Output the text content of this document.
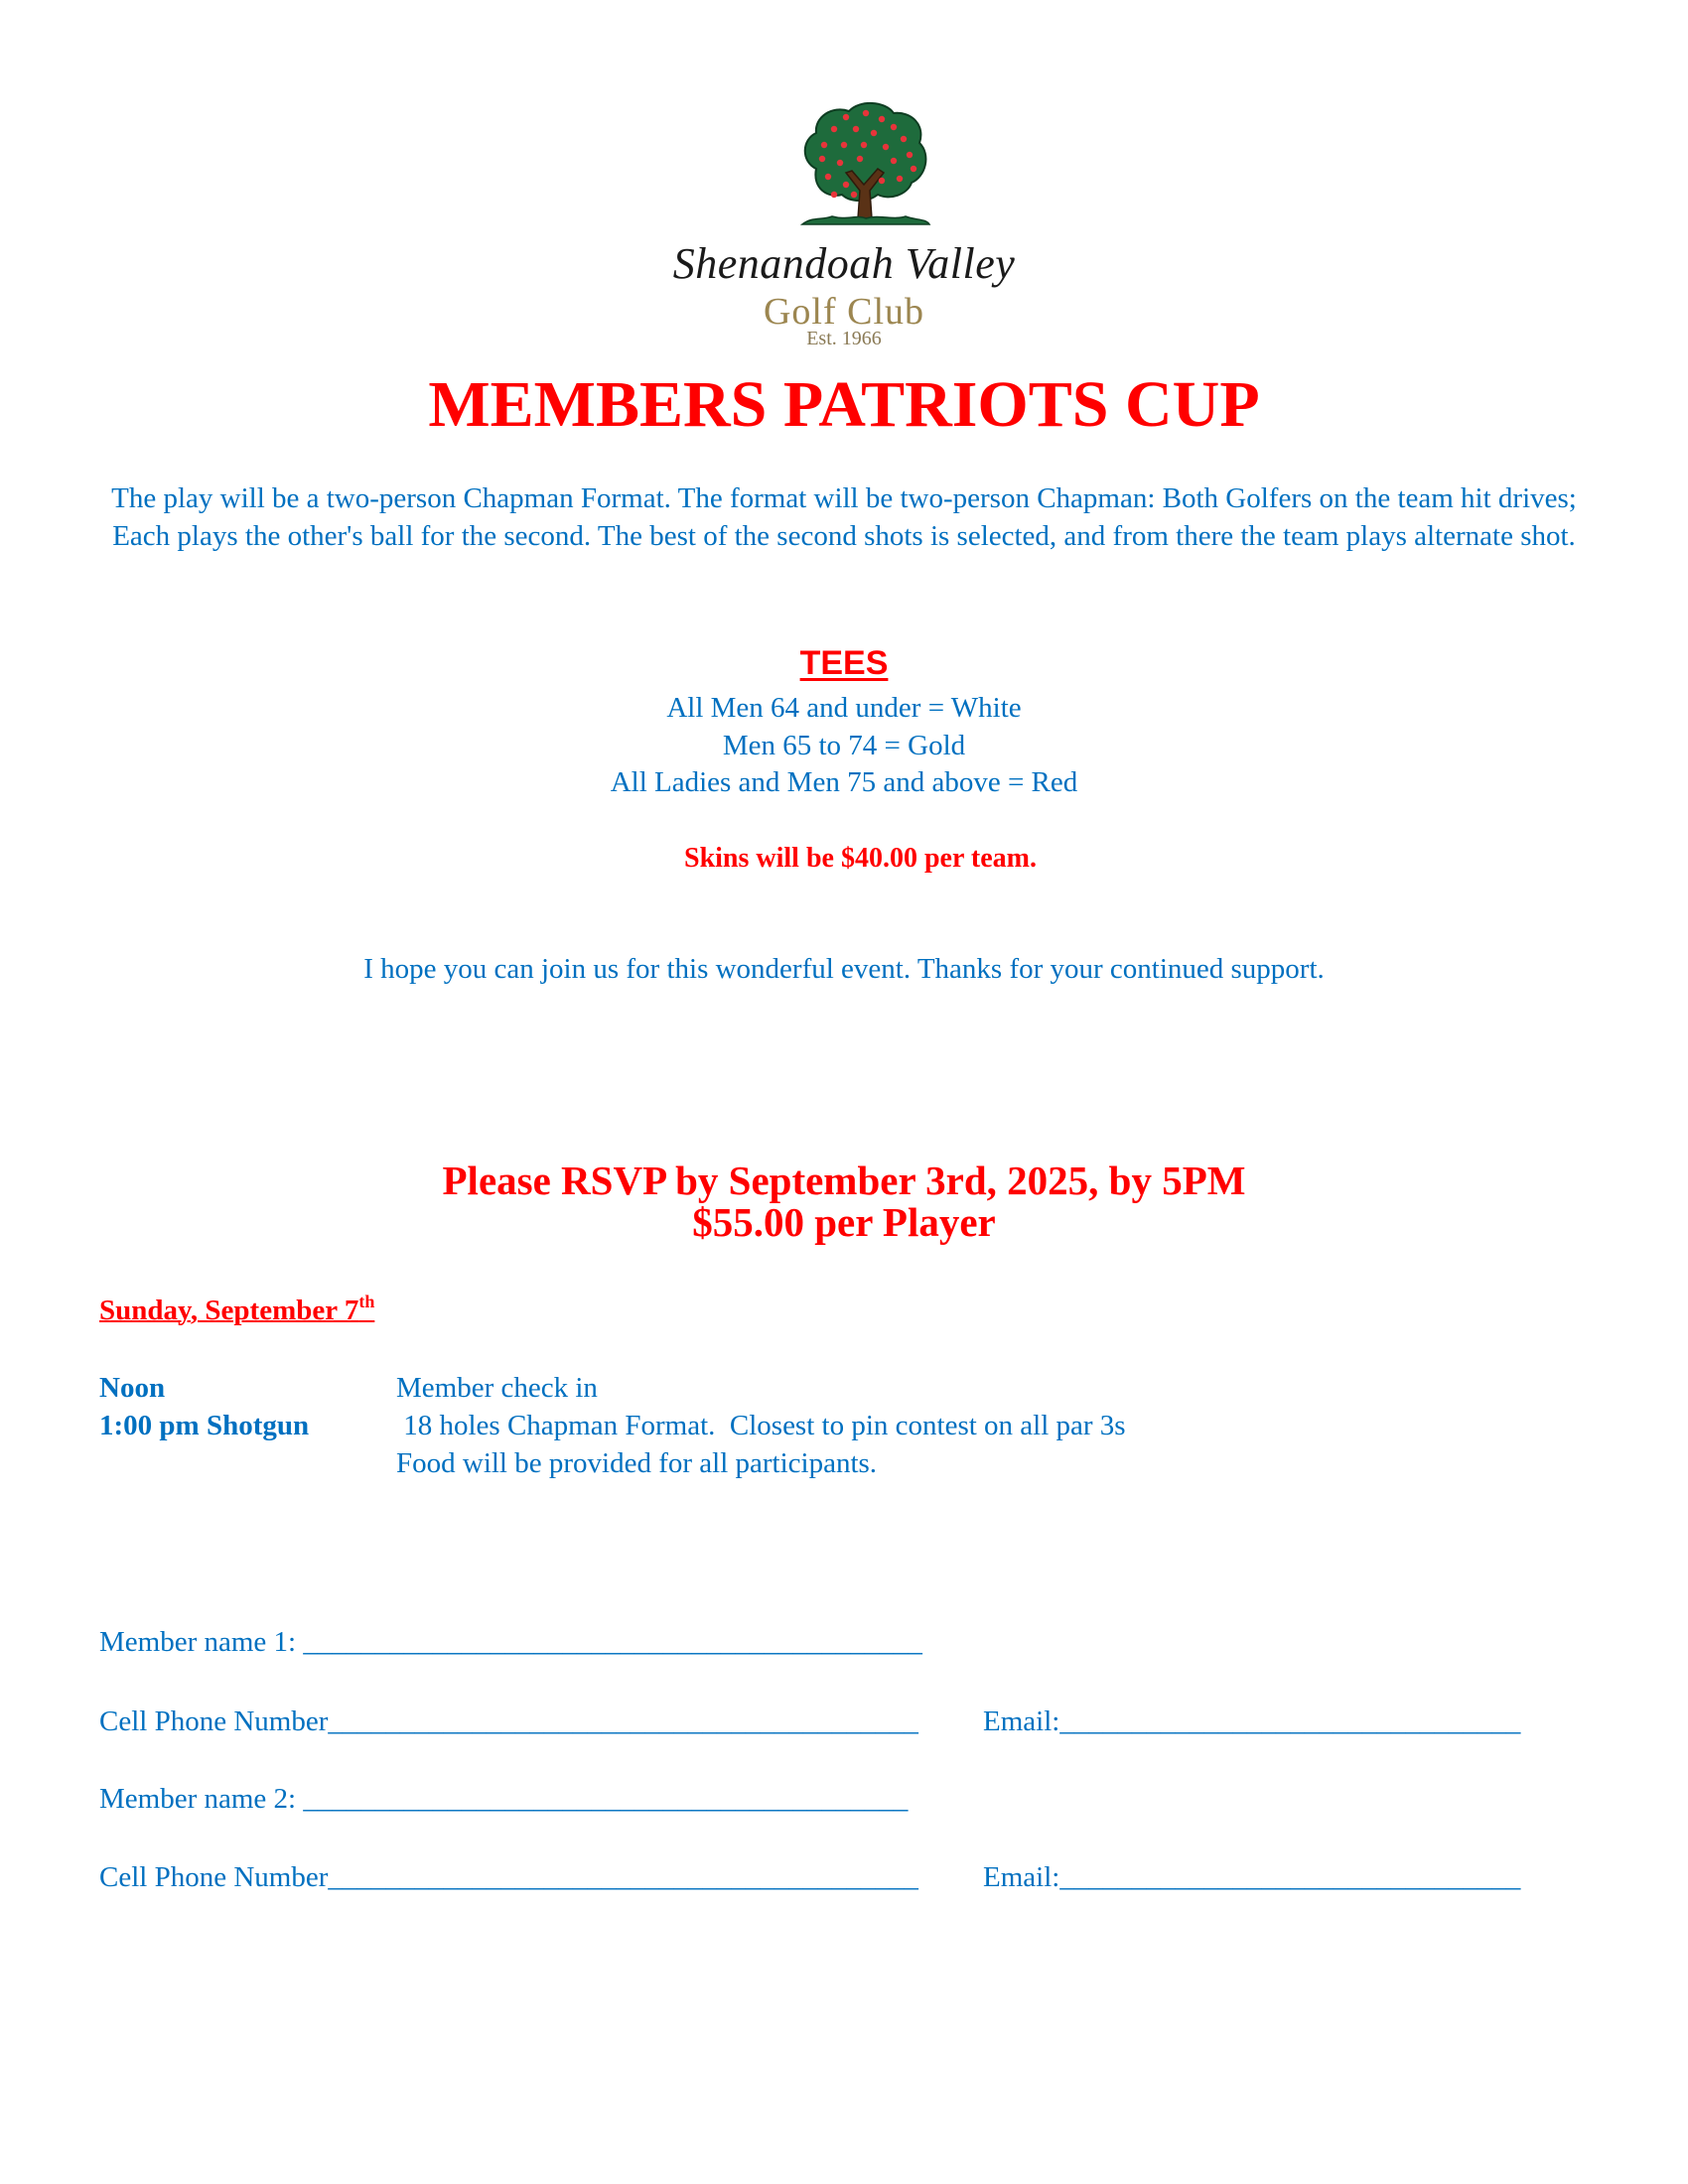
Shenandoah Valley
Golf Club
Est. 1966
MEMBERS PATRIOTS CUP
The play will be a two-person Chapman Format. The format will be two-person Chapman: Both Golfers on the team hit drives; Each plays the other's ball for the second. The best of the second shots is selected, and from there the team plays alternate shot.
TEES
All Men 64 and under = White
Men 65 to 74 = Gold
All Ladies and Men 75 and above = Red
Skins will be $40.00 per team.
I hope you can join us for this wonderful event. Thanks for your continued support.
Please RSVP by September 3rd, 2025, by 5PM
$55.00 per Player
Sunday, September 7th
Noon	Member check in
1:00 pm Shotgun	18 holes Chapman Format.  Closest to pin contest on all par 3s
Food will be provided for all participants.
Member name 1: ___________________________________________
Cell Phone Number_________________________________________ Email:________________________________
Member name 2: __________________________________________
Cell Phone Number_________________________________________ Email:________________________________
